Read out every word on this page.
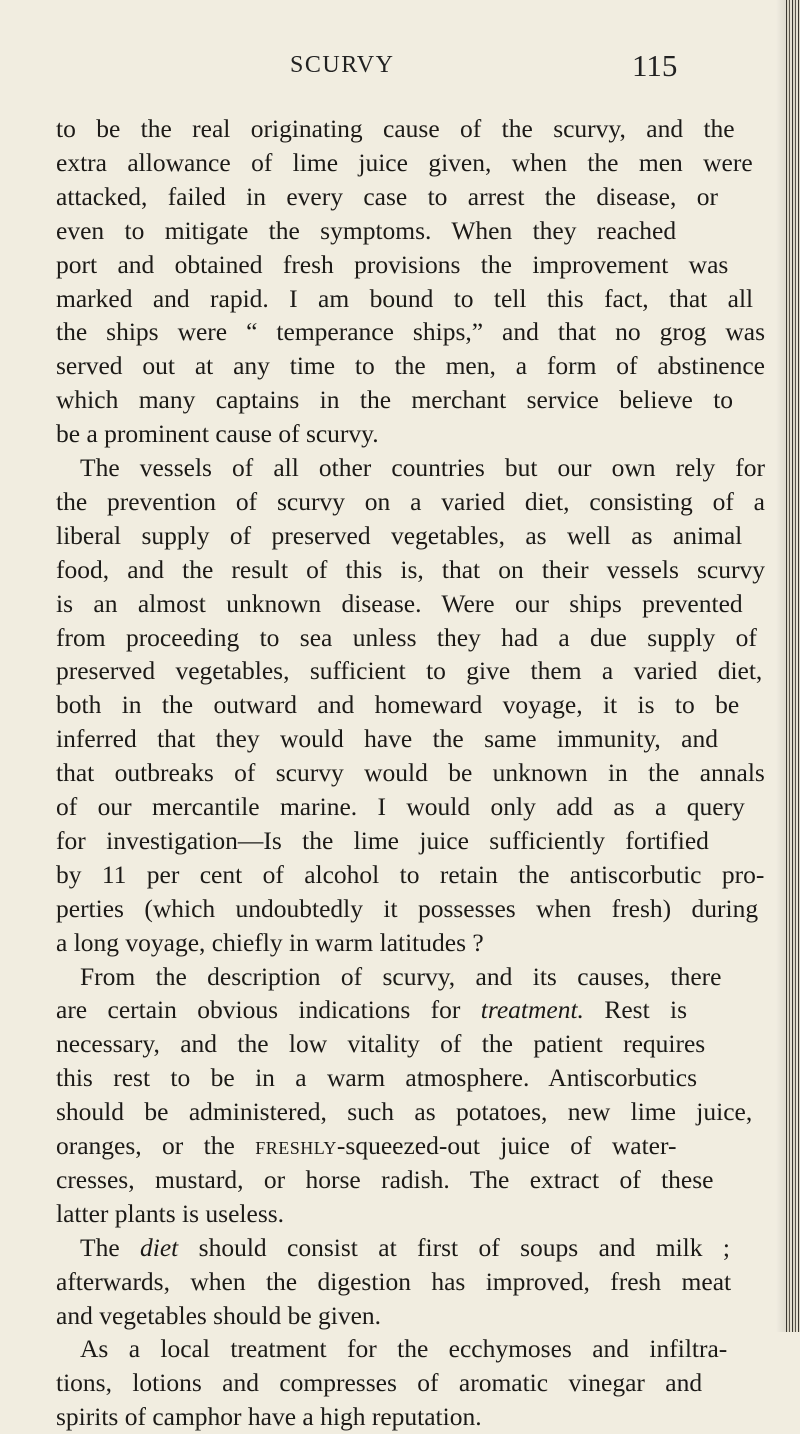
SCURVY	115
to be the real originating cause of the scurvy, and the
extra allowance of lime juice given, when the men were
attacked, failed in every case to arrest the disease, or
even to mitigate the symptoms. When they reached
port and obtained fresh provisions the improvement was
marked and rapid. I am bound to tell this fact, that all
the ships were “ temperance ships,” and that no grog was
served out at any time to the men, a form of abstinence
which many captains in the merchant service believe to
be a prominent cause of scurvy.
The vessels of all other countries but our own rely for
the prevention of scurvy on a varied diet, consisting of a
liberal supply of preserved vegetables, as well as animal
food, and the result of this is, that on their vessels scurvy
is an almost unknown disease. Were our ships prevented
from proceeding to sea unless they had a due supply of
preserved vegetables, sufficient to give them a varied diet,
both in the outward and homeward voyage, it is to be
inferred that they would have the same immunity, and
that outbreaks of scurvy would be unknown in the annals
of our mercantile marine. I would only add as a query
for investigation—Is the lime juice sufficiently fortified
by 11 per cent of alcohol to retain the antiscorbutic pro-
perties (which undoubtedly it possesses when fresh) during
a long voyage, chiefly in warm latitudes ?
From the description of scurvy, and its causes, there
are certain obvious indications for treatment. Rest is
necessary, and the low vitality of the patient requires
this rest to be in a warm atmosphere. Antiscorbutics
should be administered, such as potatoes, new lime juice,
oranges, or the freshly-squeezed-out juice of water-
cresses, mustard, or horse radish. The extract of these
latter plants is useless.
The diet should consist at first of soups and milk ;
afterwards, when the digestion has improved, fresh meat
and vegetables should be given.
As a local treatment for the ecchymoses and infiltra-
tions, lotions and compresses of aromatic vinegar and
spirits of camphor have a high reputation.
